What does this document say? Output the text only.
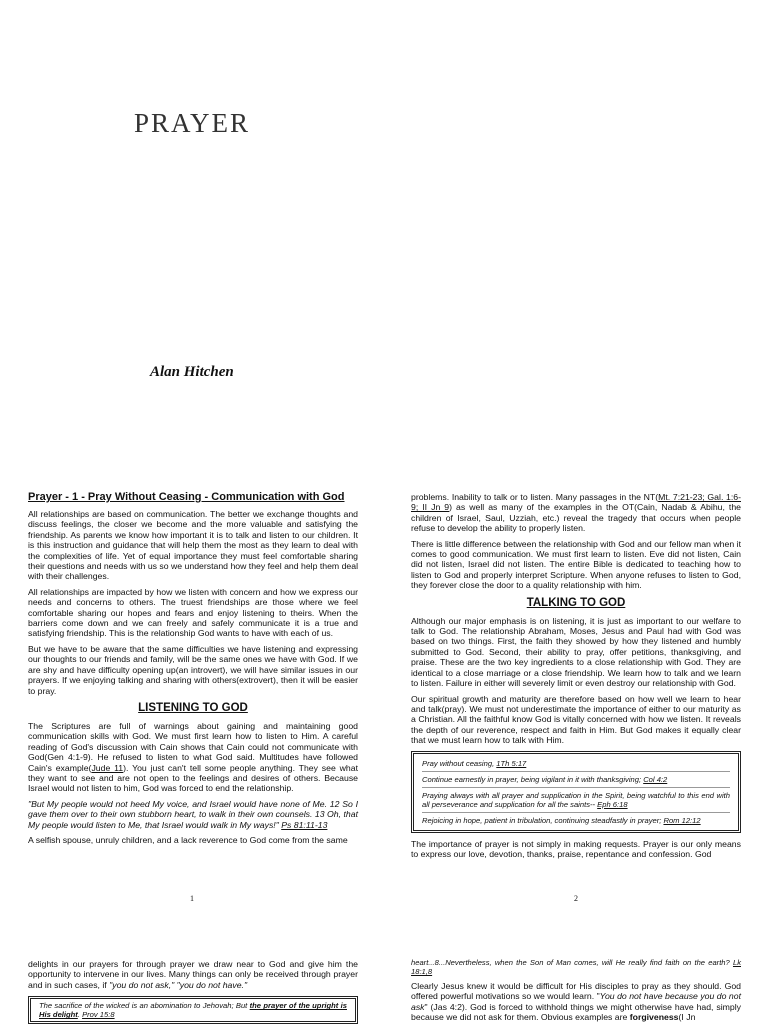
PRAYER
Alan Hitchen
Prayer - 1 - Pray Without Ceasing - Communication with God

All relationships are based on communication. The better we exchange thoughts and discuss feelings, the closer we become and the more valuable and satisfying the friendship. As parents we know how important it is to talk and listen to our children. It is this instruction and guidance that will help them the most as they learn to deal with the complexities of life. Yet of equal importance they must feel comfortable sharing their questions and needs with us so we understand how they feel and help them deal with their challenges.

All relationships are impacted by how we listen with concern and how we express our needs and concerns to others. The truest friendships are those where we feel comfortable sharing our hopes and fears and enjoy listening to theirs. When the barriers come down and we can freely and safely communicate it is a true and satisfying friendship. This is the relationship God wants to have with each of us.

But we have to be aware that the same difficulties we have listening and expressing our thoughts to our friends and family, will be the same ones we have with God. If we are shy and have difficulty opening up(an introvert), we will have similar issues in our prayers. If we enjoying talking and sharing with others(extrovert), then it will be easier to pray.

LISTENING TO GOD

The Scriptures are full of warnings about gaining and maintaining good communication skills with God. We must first learn how to listen to Him. A careful reading of God's discussion with Cain shows that Cain could not communicate with God(Gen 4:1-9). He refused to listen to what God said. Multitudes have followed Cain's example(Jude 11). You just can't tell some people anything. They see what they want to see and are not open to the feelings and desires of others. Because Israel would not listen to him, God was forced to end the relationship.

"But My people would not heed My voice, and Israel would have none of Me. 12 So I gave them over to their own stubborn heart, to walk in their own counsels. 13 Oh, that My people would listen to Me, that Israel would walk in My ways!" Ps 81:11-13

A selfish spouse, unruly children, and a lack reverence to God come from the same

1

problems. Inability to talk or to listen. Many passages in the NT(Mt. 7:21-23; Gal. 1:6-9; II Jn 9) as well as many of the examples in the OT(Cain, Nadab & Abihu, the children of Israel, Saul, Uzziah, etc.) reveal the tragedy that occurs when people refuse to develop the ability to properly listen.

There is little difference between the relationship with God and our fellow man when it comes to good communication. We must first learn to listen. Eve did not listen, Cain did not listen, Israel did not listen. The entire Bible is dedicated to teaching how to listen to God and properly interpret Scripture. When anyone refuses to listen to God, they forever close the door to a quality relationship with him.

TALKING TO GOD

Although our major emphasis is on listening, it is just as important to our welfare to talk to God. The relationship Abraham, Moses, Jesus and Paul had with God was based on two things. First, the faith they showed by how they listened and humbly submitted to God. Second, their ability to pray, offer petitions, thanksgiving, and praise. These are the two key ingredients to a close relationship with God. They are identical to a close marriage or a close friendship. We learn how to talk and we learn to listen. Failure in either will severely limit or even destroy our relationship with God.

Our spiritual growth and maturity are therefore based on how well we learn to hear and talk(pray). We must not underestimate the importance of either to our maturity as a Christian. All the faithful know God is vitally concerned with how we listen. It reveals the depth of our reverence, respect and faith in Him. But God makes it equally clear that we must learn how to talk with Him.

Pray without ceasing, 1Th 5:17
Continue earnestly in prayer, being vigilant in it with thanksgiving; Col 4:2
Praying always with all prayer and supplication in the Spirit, being watchful to this end with all perseverance and supplication for all the saints-- Eph 6:18
Rejoicing in hope, patient in tribulation, continuing steadfastly in prayer; Rom 12:12

The importance of prayer is not simply in making requests. Prayer is our only means to express our love, devotion, thanks, praise, repentance and confession. God

2

delights in our prayers for through prayer we draw near to God and give him the opportunity to intervene in our lives. Many things can only be received through prayer and in such cases, if "you do not ask," "you do not have."

The sacrifice of the wicked is an abomination to Jehovah; But the prayer of the upright is His delight. Prov 15:8

heart...8...Nevertheless, when the Son of Man comes, will He really find faith on the earth? Lk 18:1,8

Clearly Jesus knew it would be difficult for His disciples to pray as they should. God offered powerful motivations so we would learn. "You do not have because you do not ask" (Jas 4:2). God is forced to withhold things we might otherwise have had, simply because we did not ask for them. Obvious examples are forgiveness(I Jn
